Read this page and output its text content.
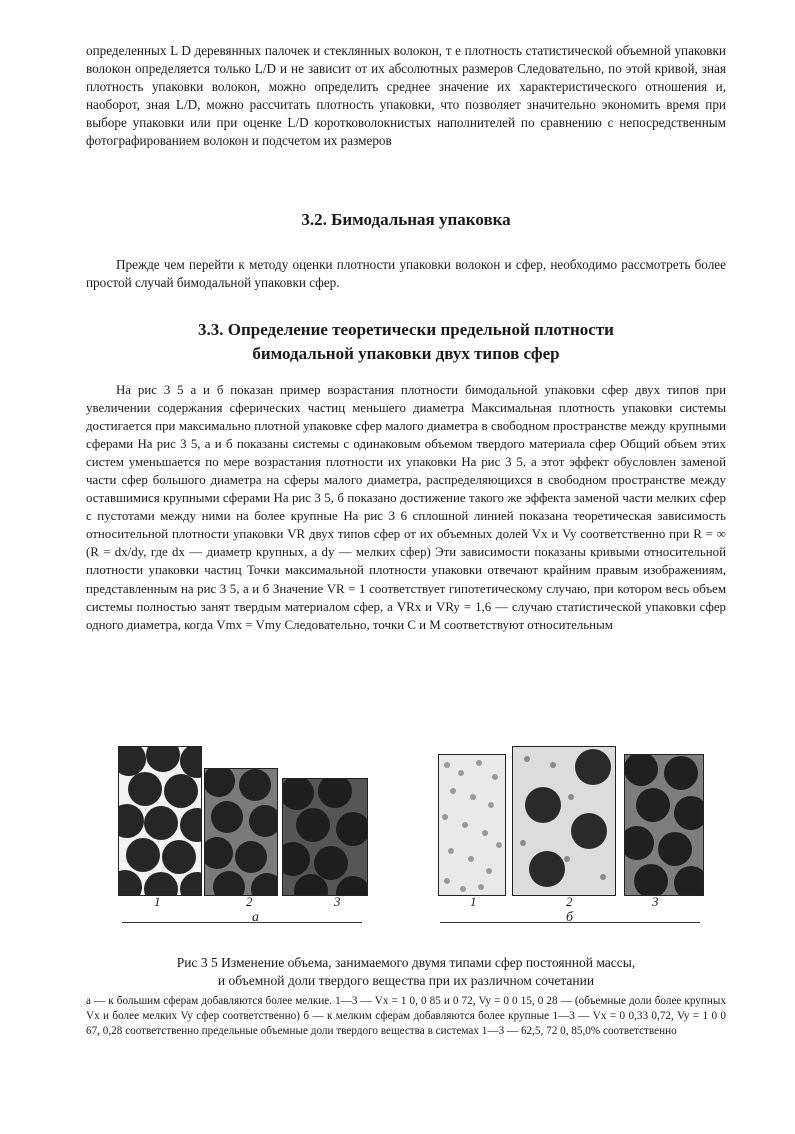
определенных L D деревянных палочек и стеклянных волокон, т е плотность статистической объемной упаковки волокон определяется только L/D и не зависит от их абсолютных размеров Следовательно, по этой кривой, зная плотность упаковки волокон, можно определить среднее значение их характеристического отношения и, наоборот, зная L/D, можно рассчитать плотность упаковки, что позволяет значительно экономить время при выборе упаковки или при оценке L/D коротковолокнистых наполнителей по сравнению с непосредственным фотографированием волокон и подсчетом их размеров

3.2. Бимодальная упаковка

Прежде чем перейти к методу оценки плотности упаковки волокон и сфер, необходимо рассмотреть более простой случай бимодальной упаковки сфер.

3.3. Определение теоретически предельной плотности

бимодальной упаковки двух типов сфер

На рис 3 5 а и б показан пример возрастания плотности бимодальной упаковки сфер двух типов при увеличении содержания сферических частиц меньшего диаметра Максимальная плотность упаковки системы достигается при максимально плотной упаковке сфер малого диаметра в свободном пространстве между крупными сферами На рис 3 5, а и б показаны системы с одинаковым объемом твердого материала сфер Общий объем этих систем уменьшается по мере возрастания плотности их упаковки На рис 3 5, а этот эффект обусловлен заменой части сфер большого диаметра на сферы малого диаметра, распределяющихся в свободном пространстве между оставшимися крупными сферами На рис 3 5, б показано достижение такого же эффекта заменой части мелких сфер с пустотами между ними на более крупные На рис 3 6 сплошной линией показана теоретическая зависимость относительной плотности упаковки VR двух типов сфер от их объемных долей Vx и Vy соответственно при R = ∞ (R = dx/dy, где dx — диаметр крупных, а dy — мелких сфер) Эти зависимости показаны кривыми относительной плотности упаковки частиц Точки максимальной плотности упаковки отвечают крайним правым изображениям, представленным на рис 3 5, а и б Значение VR = 1 соответствует гипотетическому случаю, при котором весь объем системы полностью занят твердым материалом сфер, а VRx и VRy = 1,6 — случаю статистической упаковки сфер одного диаметра, когда Vmx = Vmy Следовательно, точки C и M соответствуют относительным

1	2	3	1	2	3
а	б

Рис 3 5 Изменение объема, занимаемого двумя типами сфер постоянной массы,

и объемной доли твердого вещества при их различном сочетании

а — к большим сферам добавляются более мелкие. 1—3 — Vx = 1 0, 0 85 и 0 72, Vy = 0 0 15, 0 28 — (объемные доли более крупных Vx и более мелких Vy сфер соответственно) б — к мелким сферам добавляются более крупные 1—3 — Vx = 0 0,33 0,72, Vy = 1 0 0 67, 0,28 соответственно предельные объемные доли твердого вещества в системах 1—3 — 62,5, 72 0, 85,0% соответственно
